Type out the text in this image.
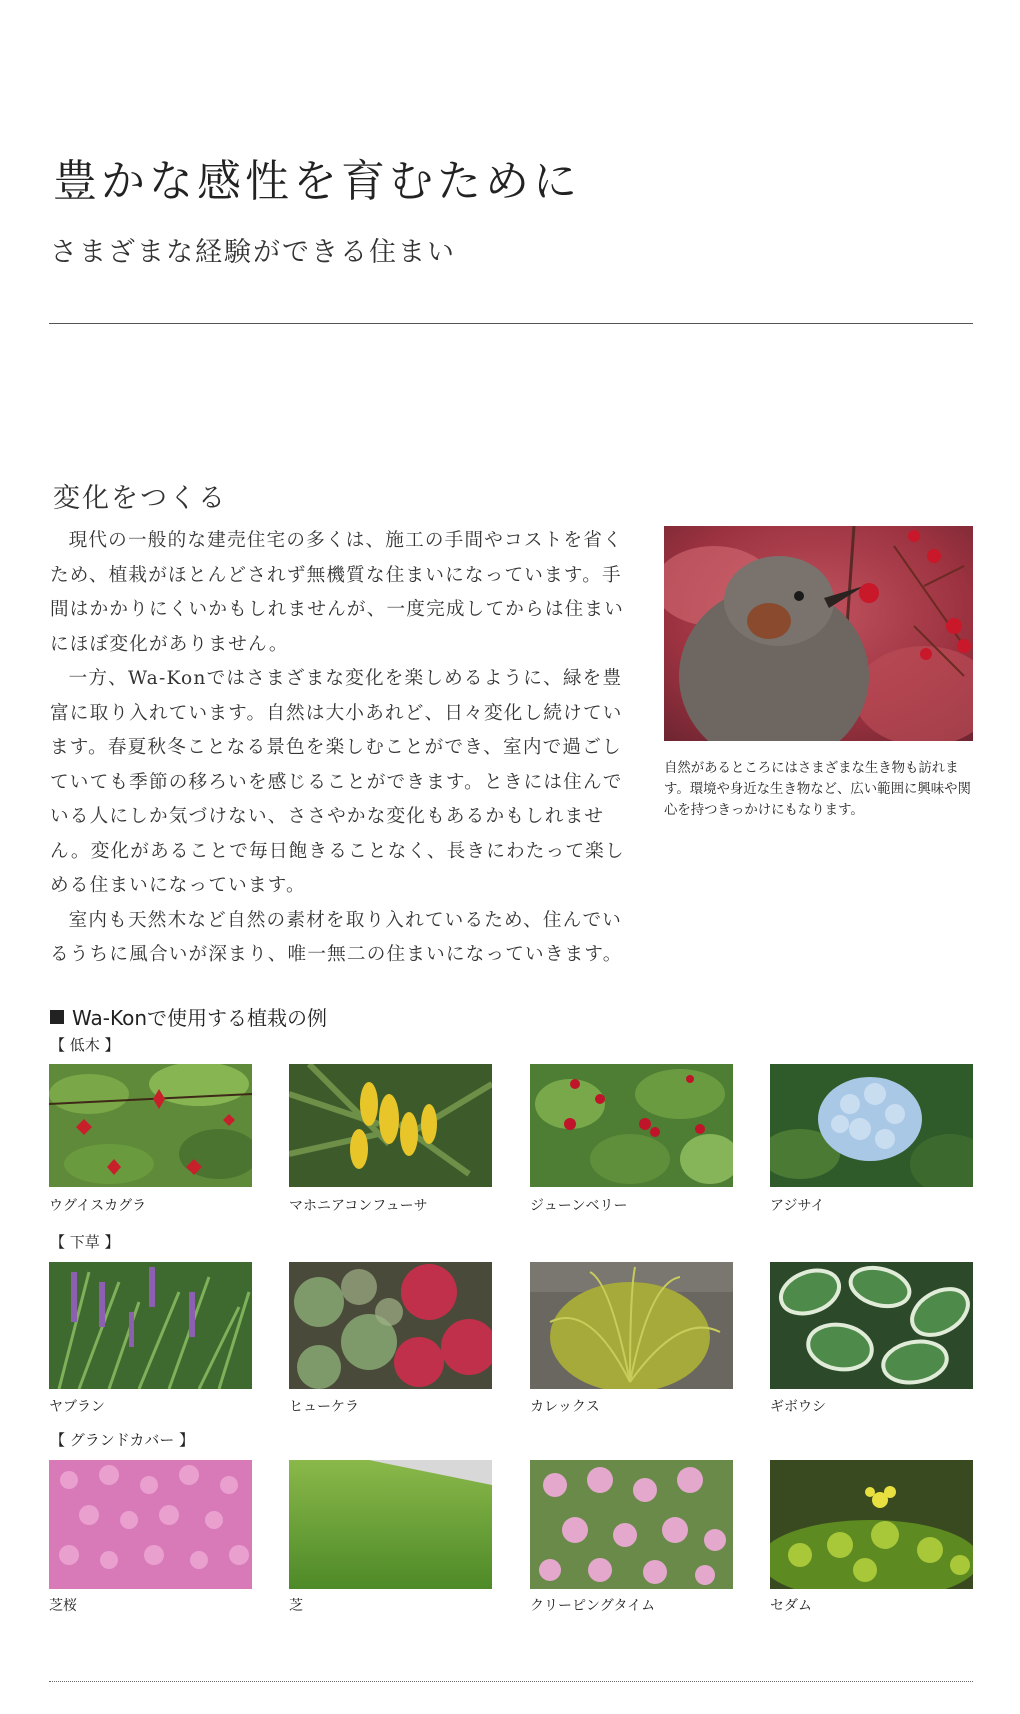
豊かな感性を育むために
さまざまな経験ができる住まい
変化をつくる

現代の一般的な建売住宅の多くは、施工の手間やコストを省くため、植栽がほとんどされず無機質な住まいになっています。手間はかかりにくいかもしれませんが、一度完成してからは住まいにほぼ変化がありません。

一方、Wa-Konではさまざまな変化を楽しめるように、緑を豊富に取り入れています。自然は大小あれど、日々変化し続けています。春夏秋冬ことなる景色を楽しむことができ、室内で過ごしていても季節の移ろいを感じることができます。ときには住んでいる人にしか気づけない、ささやかな変化もあるかもしれません。変化があることで毎日飽きることなく、長きにわたって楽しめる住まいになっています。

室内も天然木など自然の素材を取り入れているため、住んでいるうちに風合いが深まり、唯一無二の住まいになっていきます。

自然があるところにはさまざまな生き物も訪れます。環境や身近な生き物など、広い範囲に興味や関心を持つきっかけにもなります。
Wa-Konで使用する植栽の例
【 低木 】
ウグイスカグラ	マホニアコンフューサ	ジューンベリー	アジサイ
【 下草 】
ヤブラン	ヒューケラ	カレックス	ギボウシ
【 グランドカバー 】
芝桜	芝	クリーピングタイム	セダム
